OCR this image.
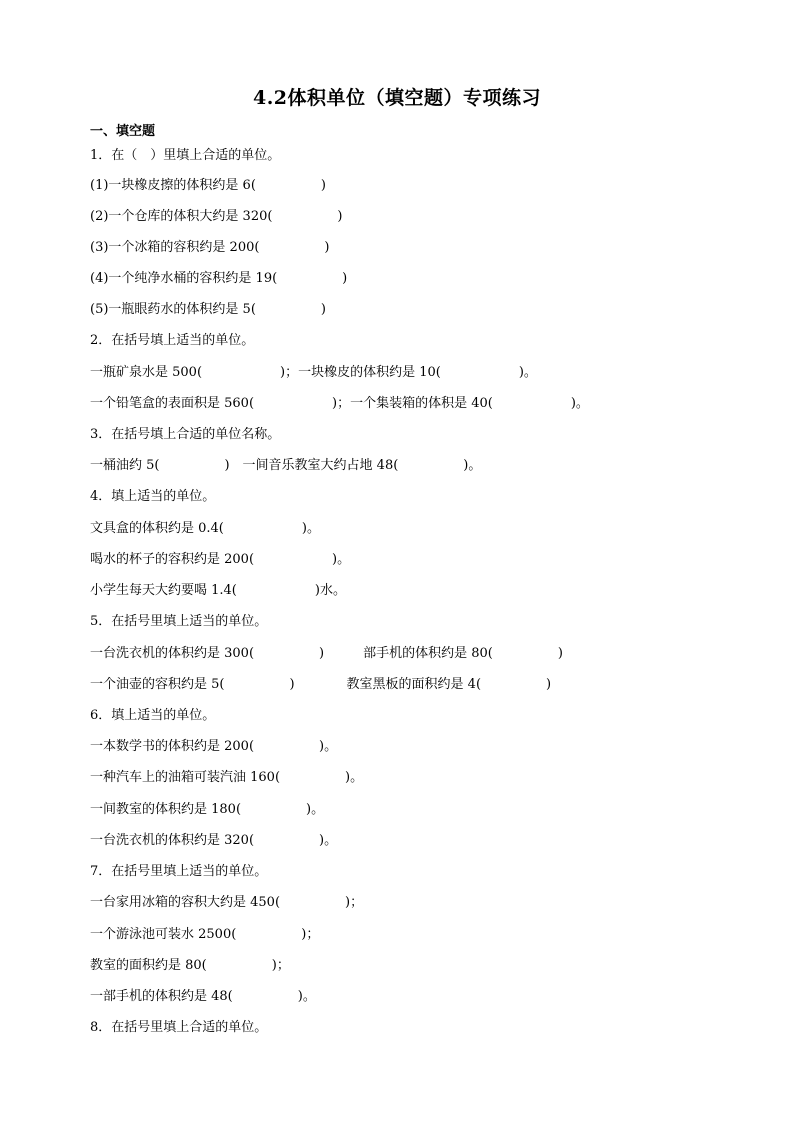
4.2体积单位（填空题）专项练习
一、填空题
1．在（　）里填上合适的单位。
(1)一块橡皮擦的体积约是 6(　　　　　)
(2)一个仓库的体积大约是 320(　　　　　)
(3)一个冰箱的容积约是 200(　　　　　)
(4)一个纯净水桶的容积约是 19(　　　　　)
(5)一瓶眼药水的体积约是 5(　　　　　)
2．在括号填上适当的单位。
一瓶矿泉水是 500(　　　　　　)；一块橡皮的体积约是 10(　　　　　　)。
一个铅笔盒的表面积是 560(　　　　　　)；一个集装箱的体积是 40(　　　　　　)。
3．在括号填上合适的单位名称。
一桶油约 5(　　　　　)　一间音乐教室大约占地 48(　　　　　)。
4．填上适当的单位。
文具盒的体积约是 0.4(　　　　　　)。
喝水的杯子的容积约是 200(　　　　　　)。
小学生每天大约要喝 1.4(　　　　　　)水。
5．在括号里填上适当的单位。
一台洗衣机的体积约是 300(　　　　　)　　　部手机的体积约是 80(　　　　　)
一个油壶的容积约是 5(　　　　　)　　　　教室黑板的面积约是 4(　　　　　)
6．填上适当的单位。
一本数学书的体积约是 200(　　　　　)。
一种汽车上的油箱可装汽油 160(　　　　　)。
一间教室的体积约是 180(　　　　　)。
一台洗衣机的体积约是 320(　　　　　)。
7．在括号里填上适当的单位。
一台家用冰箱的容积大约是 450(　　　　　)；
一个游泳池可装水 2500(　　　　　)；
教室的面积约是 80(　　　　　)；
一部手机的体积约是 48(　　　　　)。
8．在括号里填上合适的单位。
